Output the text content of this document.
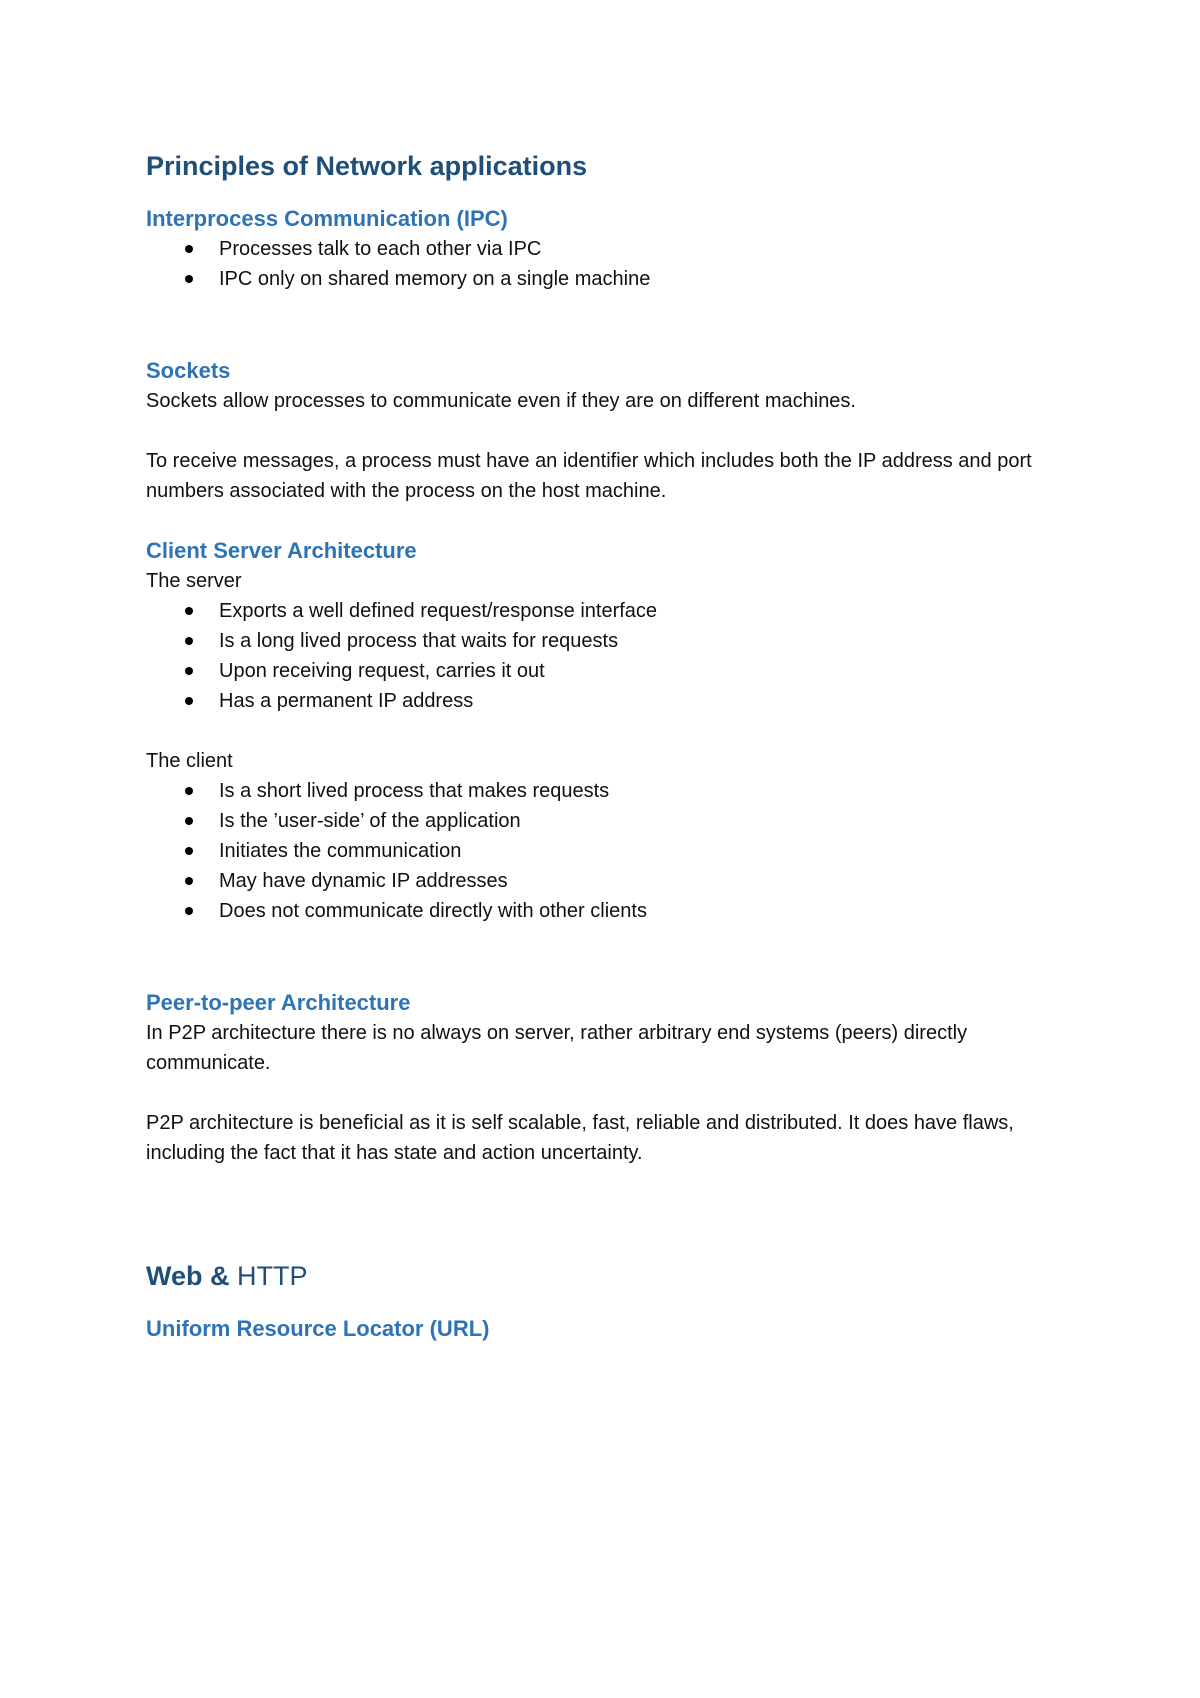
Principles of Network applications
Interprocess Communication (IPC)
Processes talk to each other via IPC
IPC only on shared memory on a single machine
Sockets

Sockets allow processes to communicate even if they are on different machines.

To receive messages, a process must have an identifier which includes both the IP address and port numbers associated with the process on the host machine.

Client Server Architecture

The server

Exports a well defined request/response interface
Is a long lived process that waits for requests
Upon receiving request, carries it out
Has a permanent IP address

The client

Is a short lived process that makes requests
Is the ’user-side’ of the application
Initiates the communication
May have dynamic IP addresses
Does not communicate directly with other clients
Peer-to-peer Architecture

In P2P architecture there is no always on server, rather arbitrary end systems (peers) directly communicate.

P2P architecture is beneficial as it is self scalable, fast, reliable and distributed. It does have flaws, including the fact that it has state and action uncertainty.

Web & HTTP
Uniform Resource Locator (URL)
